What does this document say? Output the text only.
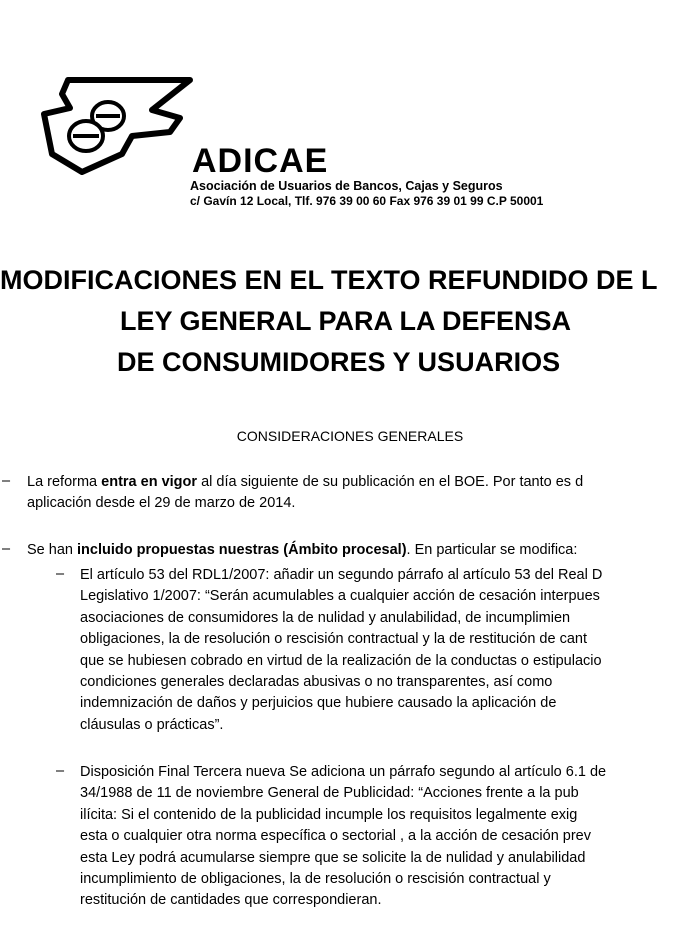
ADICAE
Asociación de Usuarios de Bancos, Cajas y Seguros
c/ Gavín 12 Local, Tlf. 976 39 00 60 Fax 976 39 01 99 C.P 50001
MODIFICACIONES EN EL TEXTO REFUNDIDO DE L
LEY GENERAL PARA LA DEFENSA
DE CONSUMIDORES Y USUARIOS
CONSIDERACIONES GENERALES
– La reforma entra en vigor al día siguiente de su publicación en el BOE. Por tanto es d
aplicación desde el 29 de marzo de 2014.
– Se han incluido propuestas nuestras (Ámbito procesal). En particular se modifica:
– El artículo 53 del RDL1/2007: añadir un segundo párrafo al artículo 53 del Real D
Legislativo 1/2007: “Serán acumulables a cualquier acción de cesación interpues
asociaciones de consumidores la de nulidad y anulabilidad, de incumplimien
obligaciones, la de resolución o rescisión contractual y la de restitución de cant
que se hubiesen cobrado en virtud de la realización de la conductas o estipulacio
condiciones generales declaradas abusivas o no transparentes, así como
indemnización de daños y perjuicios que hubiere causado la aplicación de
cláusulas o prácticas”.
– Disposición Final Tercera nueva Se adiciona un párrafo segundo al artículo 6.1 de
34/1988 de 11 de noviembre General de Publicidad: “Acciones frente a la pub
ilícita: Si el contenido de la publicidad incumple los requisitos legalmente exig
esta o cualquier otra norma específica o sectorial , a la acción de cesación prev
esta Ley podrá acumularse siempre que se solicite la de nulidad y anulabilidad
incumplimiento de obligaciones, la de resolución o rescisión contractual y
restitución de cantidades que correspondieran.
